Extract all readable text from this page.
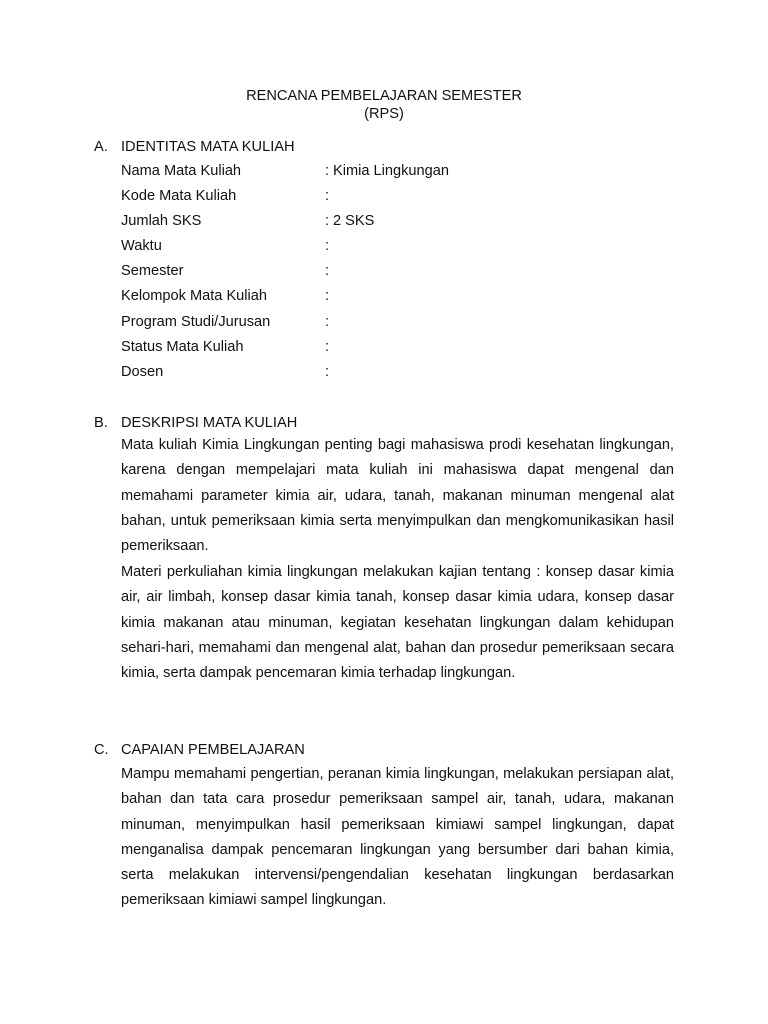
RENCANA PEMBELAJARAN SEMESTER
(RPS)
A. IDENTITAS MATA KULIAH
Nama Mata Kuliah	: Kimia Lingkungan
Kode Mata Kuliah	:
Jumlah SKS	: 2 SKS
Waktu	:
Semester	:
Kelompok Mata Kuliah	:
Program Studi/Jurusan	:
Status Mata Kuliah	:
Dosen	:
B. DESKRIPSI MATA KULIAH

Mata kuliah Kimia Lingkungan penting bagi mahasiswa prodi kesehatan lingkungan, karena dengan mempelajari mata kuliah ini mahasiswa dapat mengenal dan memahami parameter kimia air, udara, tanah, makanan minuman mengenal alat bahan, untuk pemeriksaan kimia serta menyimpulkan dan mengkomunikasikan hasil pemeriksaan.

Materi perkuliahan kimia lingkungan melakukan kajian tentang : konsep dasar kimia air, air limbah, konsep dasar kimia tanah, konsep dasar kimia udara, konsep dasar kimia makanan atau minuman, kegiatan kesehatan lingkungan dalam kehidupan sehari-hari, memahami dan mengenal alat, bahan dan prosedur pemeriksaan secara kimia, serta dampak pencemaran kimia terhadap lingkungan.

C. CAPAIAN PEMBELAJARAN

Mampu memahami pengertian, peranan kimia lingkungan, melakukan persiapan alat, bahan dan tata cara prosedur pemeriksaan sampel air, tanah, udara, makanan minuman, menyimpulkan hasil pemeriksaan kimiawi sampel lingkungan, dapat menganalisa dampak pencemaran lingkungan yang bersumber dari bahan kimia, serta melakukan intervensi/pengendalian kesehatan lingkungan berdasarkan pemeriksaan kimiawi sampel lingkungan.
